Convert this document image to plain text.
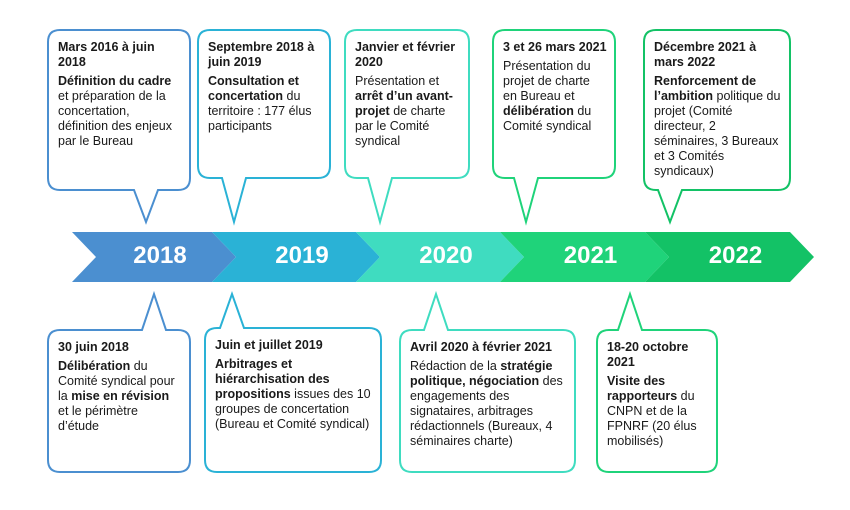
2018	2019	2020	2021	2022
Mars 2016 à juin 2018
Définition du cadre et préparation de la concertation, définition des enjeux par le Bureau
Septembre 2018 à juin 2019
Consultation et concertation du territoire : 177 élus participants
Janvier et février 2020
Présentation et arrêt d’un avant-projet de charte par le Comité syndical
3 et 26 mars 2021
Présentation du projet de charte en Bureau et délibération du Comité syndical
Décembre 2021 à mars 2022
Renforcement de l’ambition politique du projet (Comité directeur, 2 séminaires, 3 Bureaux et 3 Comités syndicaux)
30 juin 2018
Délibération du Comité syndical pour la mise en révision et le périmètre d’étude
Juin et juillet 2019
Arbitrages et hiérarchisation des propositions issues des 10 groupes de concertation (Bureau et Comité syndical)
Avril 2020 à février 2021
Rédaction de la stratégie politique, négociation des engagements des signataires, arbitrages rédactionnels (Bureaux, 4 séminaires charte)
18-20 octobre 2021
Visite des rapporteurs du CNPN et de la FPNRF (20 élus mobilisés)
